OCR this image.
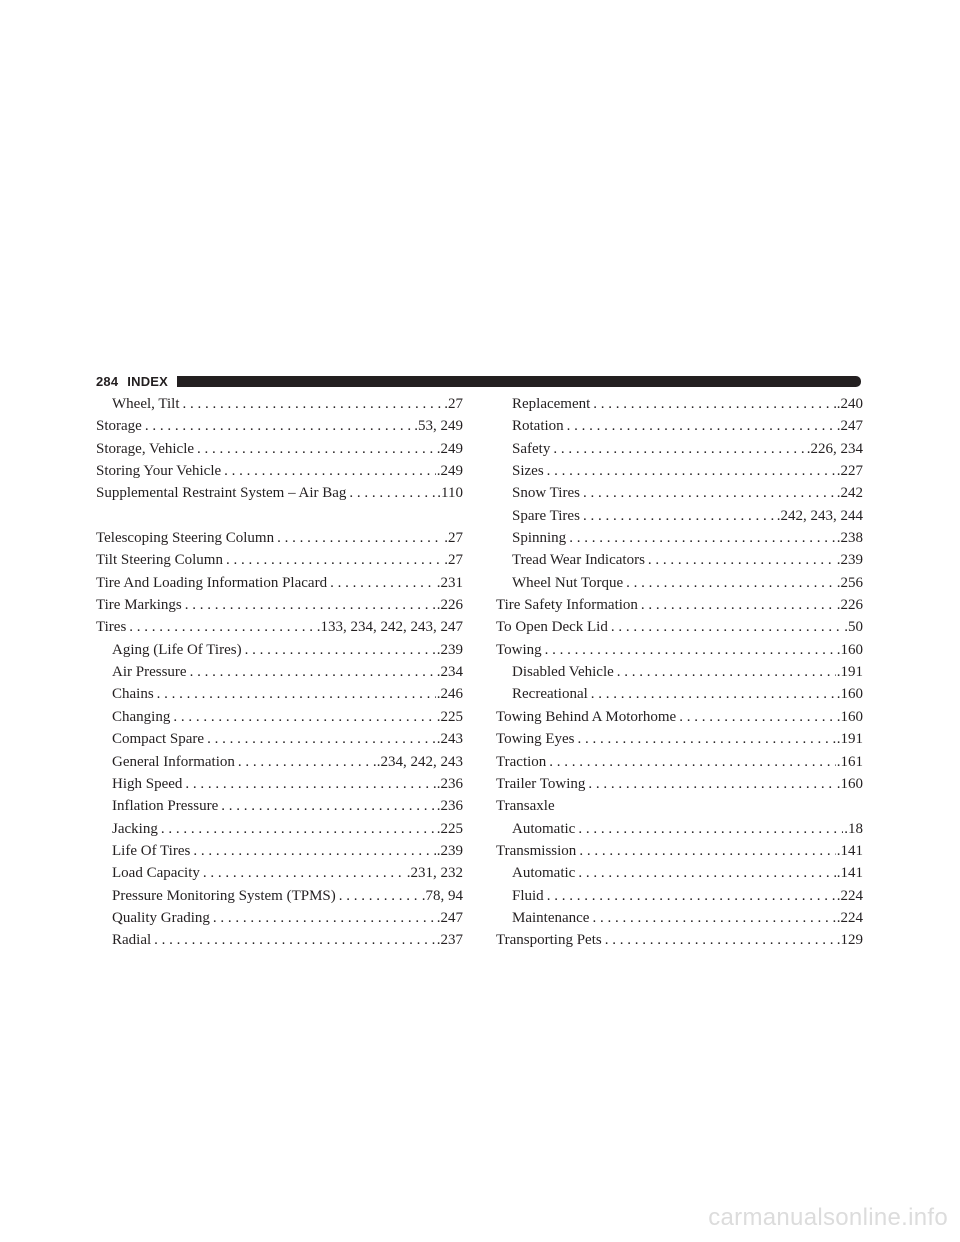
284 INDEX
Wheel, Tilt . . .	.27
Storage . . .	.53, 249
Storage, Vehicle . . .	.249
Storing Your Vehicle . . .	.249
Supplemental Restraint System – Air Bag . . .	.110
Telescoping Steering Column . . .	.27
Tilt Steering Column . . .	.27
Tire And Loading Information Placard . . .	.231
Tire Markings . . .	.226
Tires . . .	.133, 234, 242, 243, 247
Aging (Life Of Tires) . . .	.239
Air Pressure . . .	.234
Chains . . .	.246
Changing . . .	.225
Compact Spare . . .	.243
General Information . . .	.234, 242, 243
High Speed . . .	.236
Inflation Pressure . . .	.236
Jacking . . .	.225
Life Of Tires . . .	.239
Load Capacity . . .	.231, 232
Pressure Monitoring System (TPMS) . . .	.78, 94
Quality Grading . . .	.247
Radial . . .	.237
Replacement . . .	.240
Rotation . . .	.247
Safety . . .	.226, 234
Sizes . . .	.227
Snow Tires . . .	.242
Spare Tires . . .	.242, 243, 244
Spinning . . .	.238
Tread Wear Indicators . . .	.239
Wheel Nut Torque . . .	.256
Tire Safety Information . . .	.226
To Open Deck Lid . . .	.50
Towing . . .	.160
Disabled Vehicle . . .	.191
Recreational . . .	.160
Towing Behind A Motorhome . . .	.160
Towing Eyes . . .	.191
Traction . . .	.161
Trailer Towing . . .	.160
Transaxle
Automatic . . .	.18
Transmission . . .	.141
Automatic . . .	.141
Fluid . . .	.224
Maintenance . . .	.224
Transporting Pets . . .	.129
carmanualsonline.info
